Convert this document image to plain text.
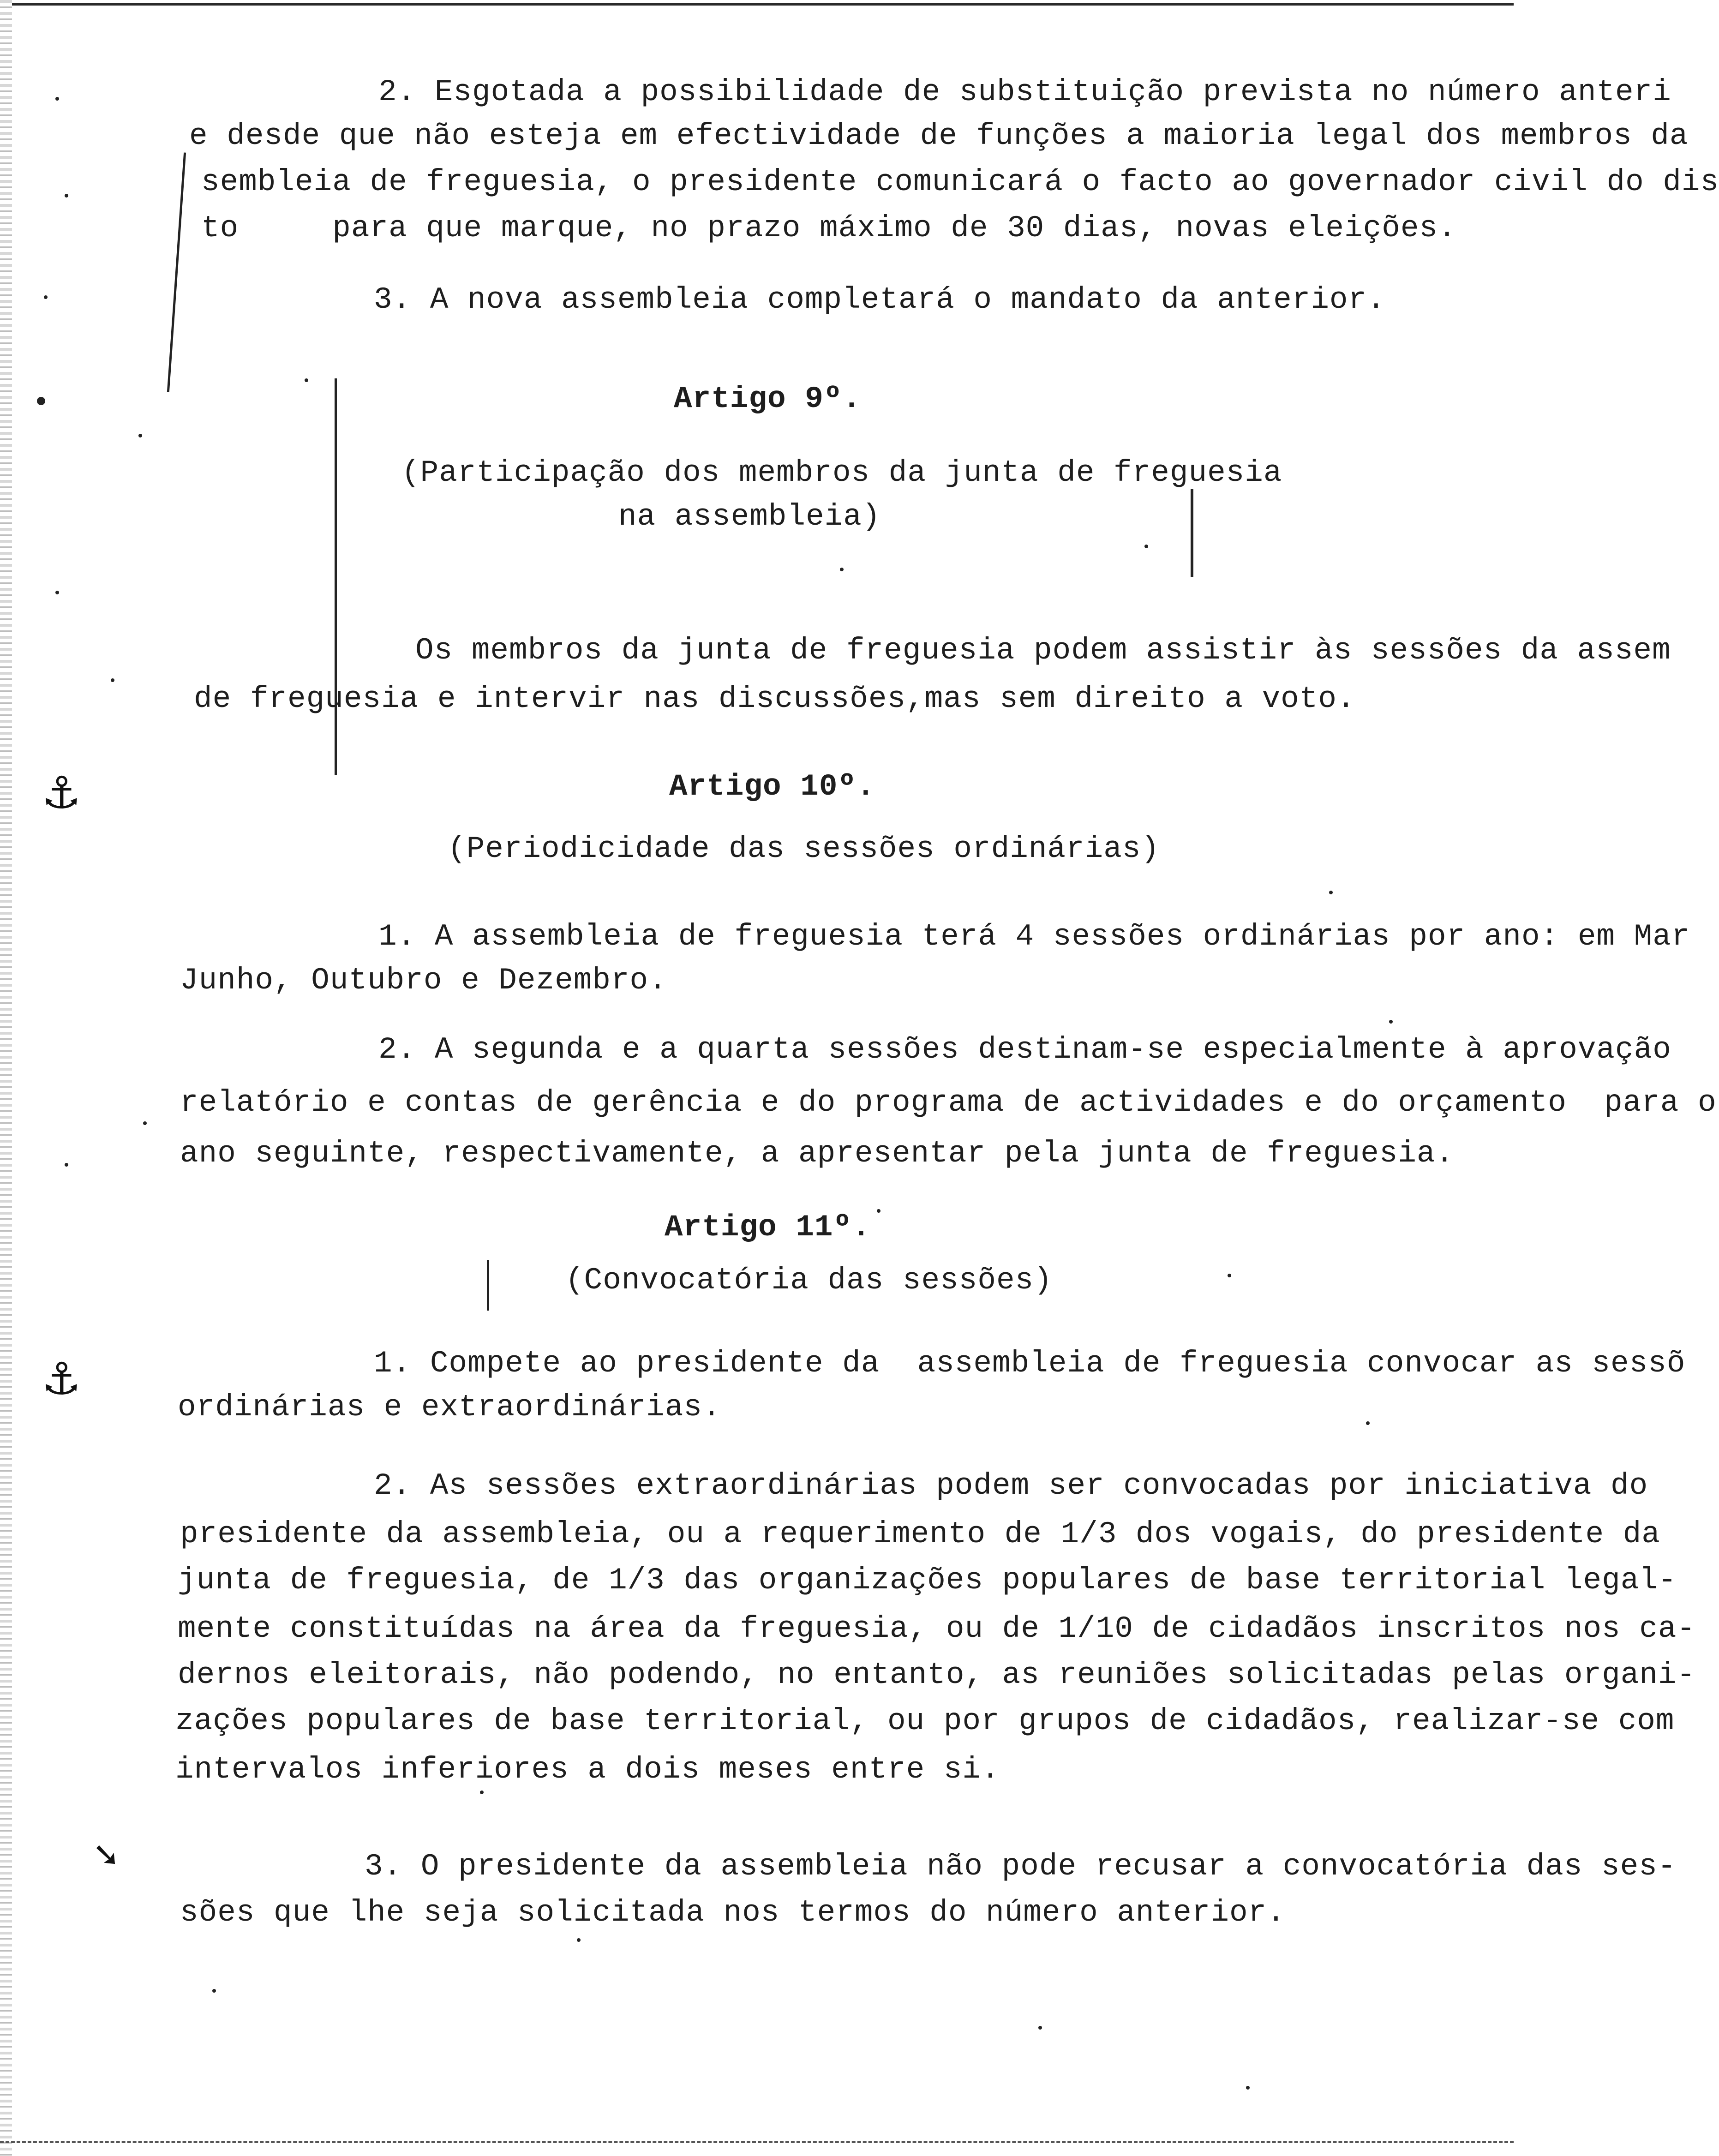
⚓
⚓
➘
2. Esgotada a possibilidade de substituição prevista no número anteri
e desde que não esteja em efectividade de funções a maioria legal dos membros da
sembleia de freguesia, o presidente comunicará o facto ao governador civil do dis
to     para que marque, no prazo máximo de 30 dias, novas eleições.
3. A nova assembleia completará o mandato da anterior.
Artigo 9º.
(Participação dos membros da junta de freguesia
na assembleia)
Os membros da junta de freguesia podem assistir às sessões da assem
de freguesia e intervir nas discussões,mas sem direito a voto.
Artigo 10º.
(Periodicidade das sessões ordinárias)
1. A assembleia de freguesia terá 4 sessões ordinárias por ano: em Mar
Junho, Outubro e Dezembro.
2. A segunda e a quarta sessões destinam-se especialmente à aprovação
relatório e contas de gerência e do programa de actividades e do orçamento  para o
ano seguinte, respectivamente, a apresentar pela junta de freguesia.
Artigo 11º.
(Convocatória das sessões)
1. Compete ao presidente da  assembleia de freguesia convocar as sessõ
ordinárias e extraordinárias.
2. As sessões extraordinárias podem ser convocadas por iniciativa do
presidente da assembleia, ou a requerimento de 1/3 dos vogais, do presidente da
junta de freguesia, de 1/3 das organizações populares de base territorial legal-
mente constituídas na área da freguesia, ou de 1/10 de cidadãos inscritos nos ca-
dernos eleitorais, não podendo, no entanto, as reuniões solicitadas pelas organi-
zações populares de base territorial, ou por grupos de cidadãos, realizar-se com
intervalos inferiores a dois meses entre si.
3. O presidente da assembleia não pode recusar a convocatória das ses-
sões que lhe seja solicitada nos termos do número anterior.
